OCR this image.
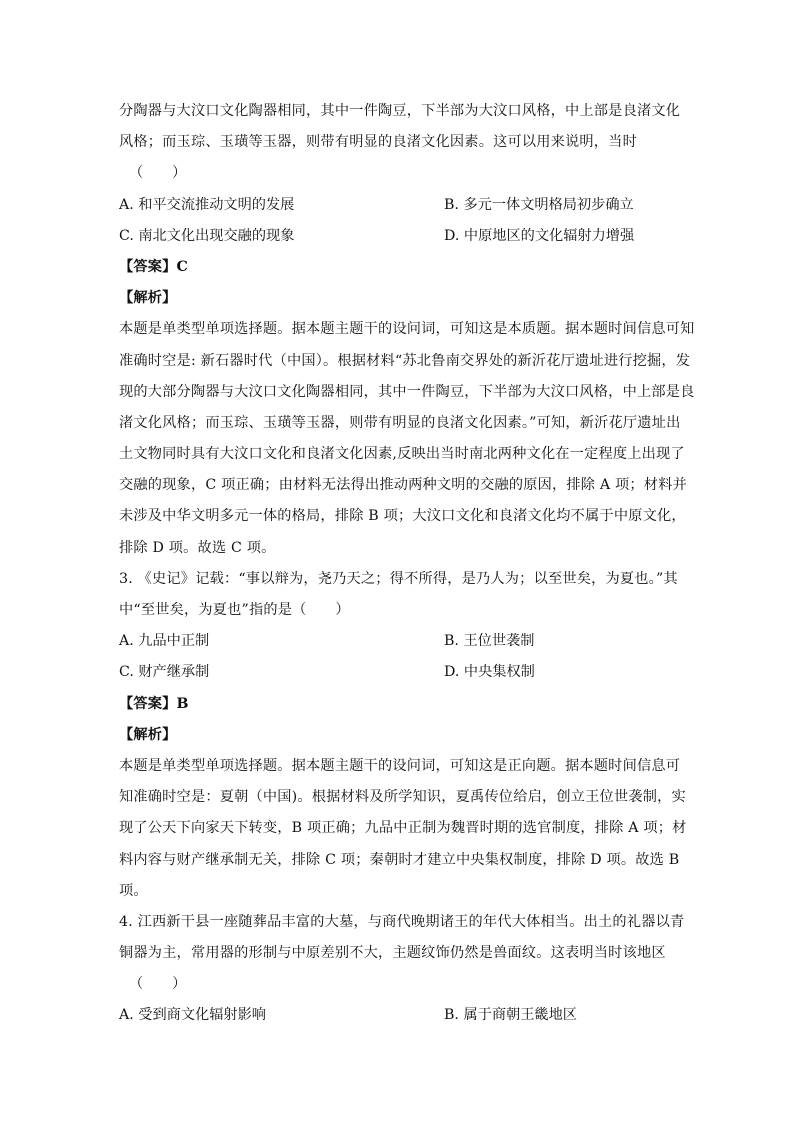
分陶器与大汶口文化陶器相同，其中一件陶豆，下半部为大汶口风格，中上部是良渚文化
风格；而玉琮、玉璜等玉器，则带有明显的良渚文化因素。这可以用来说明，当时
（　　）
A. 和平交流推动文明的发展	B. 多元一体文明格局初步确立
C. 南北文化出现交融的现象	D. 中原地区的文化辐射力增强
【答案】C
【解析】
本题是单类型单项选择题。据本题主题干的设问词，可知这是本质题。据本题时间信息可知
准确时空是: 新石器时代（中国）。根据材料“苏北鲁南交界处的新沂花厅遗址进行挖掘，发
现的大部分陶器与大汶口文化陶器相同，其中一件陶豆，下半部为大汶口风格，中上部是良
渚文化风格；而玉琮、玉璜等玉器，则带有明显的良渚文化因素。”可知，新沂花厅遗址出
土文物同时具有大汶口文化和良渚文化因素,反映出当时南北两种文化在一定程度上出现了
交融的现象，C 项正确；由材料无法得出推动两种文明的交融的原因，排除 A 项；材料并
未涉及中华文明多元一体的格局，排除 B 项；大汶口文化和良渚文化均不属于中原文化，
排除 D 项。故选 C 项。
3. 《史记》记载：“事以辩为，尧乃天之；得不所得，是乃人为；以至世矣，为夏也。”其
中“至世矣，为夏也”指的是（　　）
A. 九品中正制	B. 王位世袭制
C. 财产继承制	D. 中央集权制
【答案】B
【解析】
本题是单类型单项选择题。据本题主题干的设问词，可知这是正向题。据本题时间信息可
知准确时空是：夏朝（中国)。根据材料及所学知识，夏禹传位给启，创立王位世袭制，实
现了公天下向家天下转变，B 项正确；九品中正制为魏晋时期的选官制度，排除 A 项；材
料内容与财产继承制无关，排除 C 项；秦朝时才建立中央集权制度，排除 D 项。故选 B
项。
4. 江西新干县一座随葬品丰富的大墓，与商代晚期诸王的年代大体相当。出土的礼器以青
铜器为主，常用器的形制与中原差别不大，主题纹饰仍然是兽面纹。这表明当时该地区
（　　）
A. 受到商文化辐射影响	B. 属于商朝王畿地区
